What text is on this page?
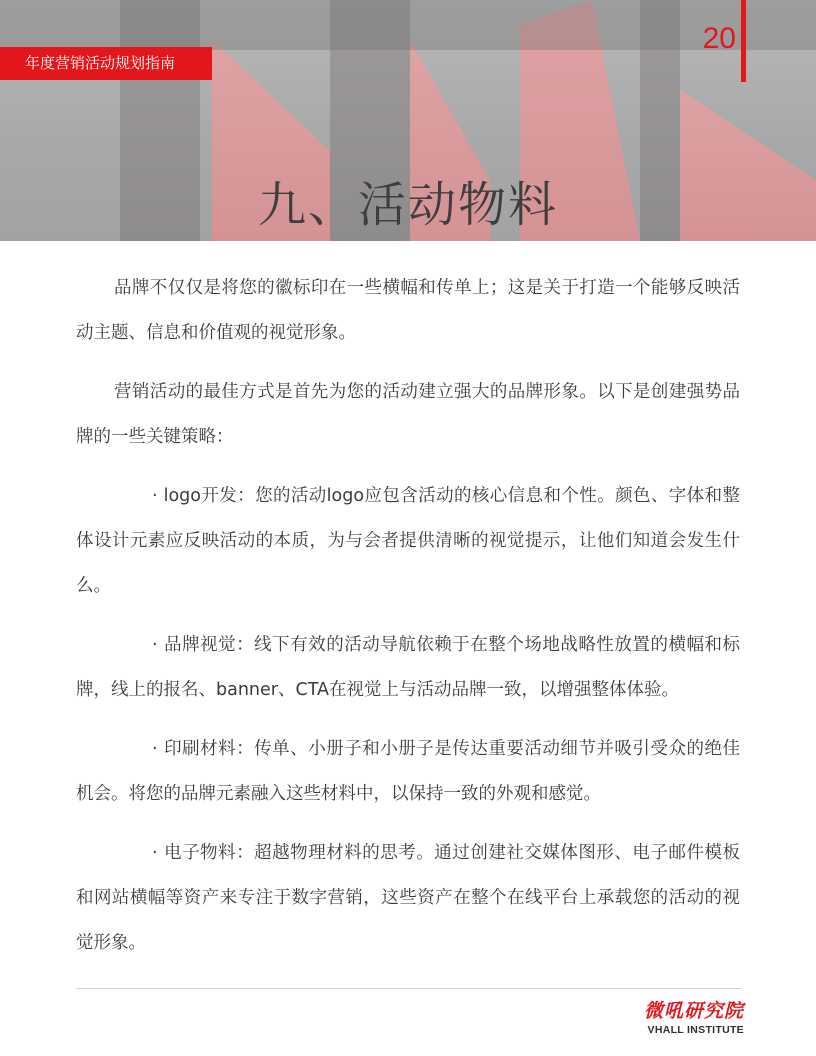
九、活动物料
年度营销活动规划指南
20

品牌不仅仅是将您的徽标印在一些横幅和传单上；这是关于打造一个能够反映活动主题、信息和价值观的视觉形象。

营销活动的最佳方式是首先为您的活动建立强大的品牌形象。以下是创建强势品牌的一些关键策略：

· logo开发：您的活动logo应包含活动的核心信息和个性。颜色、字体和整体设计元素应反映活动的本质，为与会者提供清晰的视觉提示，让他们知道会发生什么。

· 品牌视觉：线下有效的活动导航依赖于在整个场地战略性放置的横幅和标牌，线上的报名、banner、CTA在视觉上与活动品牌一致，以增强整体体验。

· 印刷材料：传单、小册子和小册子是传达重要活动细节并吸引受众的绝佳机会。将您的品牌元素融入这些材料中，以保持一致的外观和感觉。

· 电子物料：超越物理材料的思考。通过创建社交媒体图形、电子邮件模板和网站横幅等资产来专注于数字营销，这些资产在整个在线平台上承载您的活动的视觉形象。

微吼研究院
VHALL INSTITUTE
